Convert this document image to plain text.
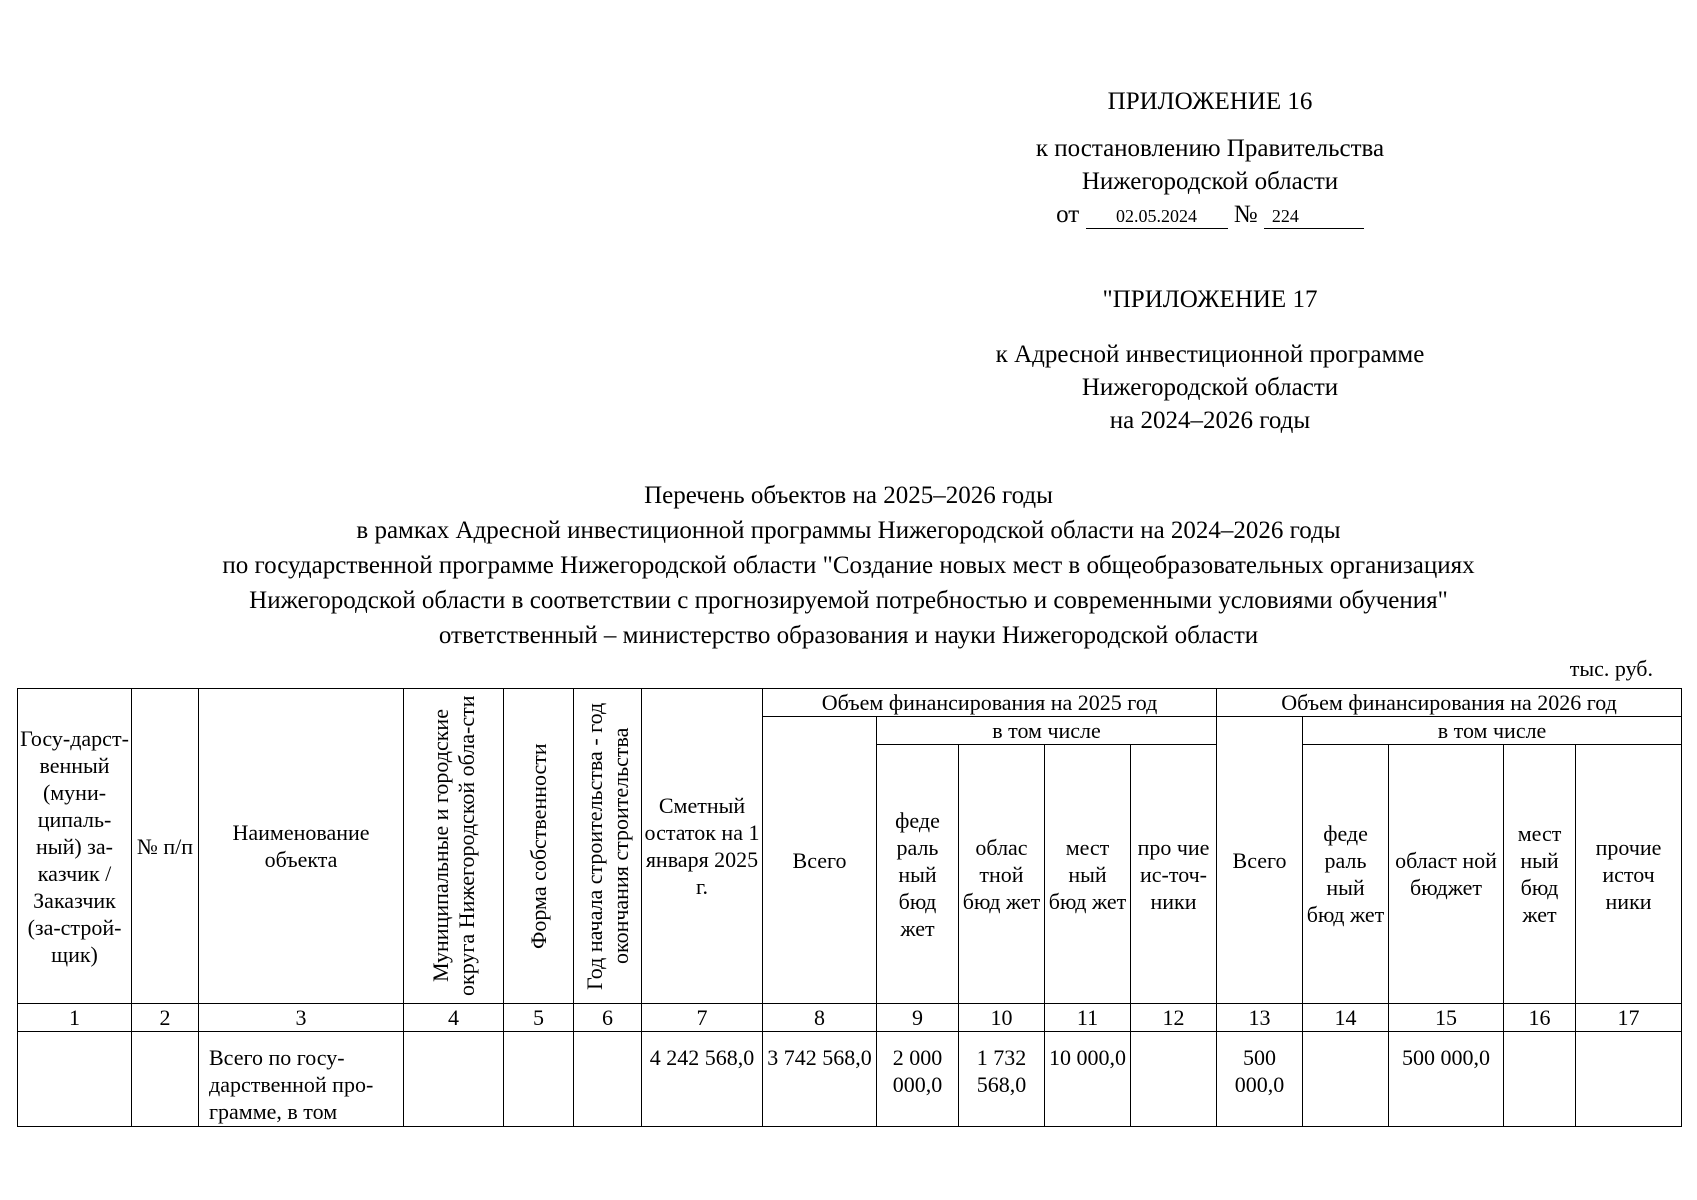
ПРИЛОЖЕНИЕ 16
к постановлению Правительства
Нижегородской области
от 02.05.2024 № 224
"ПРИЛОЖЕНИЕ 17
к Адресной инвестиционной программе
Нижегородской области
на 2024–2026 годы
Перечень объектов на 2025–2026 годы
в рамках Адресной инвестиционной программы Нижегородской области на 2024–2026 годы
по государственной программе Нижегородской области "Создание новых мест в общеобразовательных организациях
Нижегородской области в соответствии с прогнозируемой потребностью и современными условиями обучения"
ответственный – министерство образования и науки Нижегородской области
тыс. руб.
Госу-дарст-венный (муни-ципаль-ный) за-казчик / Заказчик (за-строй-щик)	№ п/п	Наименование объекта	Муниципальные и городские округа Нижегородской обла-сти	Форма собственности	Год начала строительства - год окончания строительства	Сметный остаток на 1 января 2025 г.	Объем финансирования на 2025 год					Объем финансирования на 2026 год				
							Всего	в том числе				Всего	в том числе			
								феде раль ный бюд жет	облас тной бюд жет	мест ный бюд жет	про чие ис-точ-ники		феде раль ный бюд жет	област ной бюджет	мест ный бюд жет	прочие источ ники
1	2	3	4	5	6	7	8	9	10	11	12	13	14	15	16	17
		Всего по госу-дарственной про-грамме, в том				4 242 568,0	3 742 568,0	2 000 000,0	1 732 568,0	10 000,0		500 000,0		500 000,0		
